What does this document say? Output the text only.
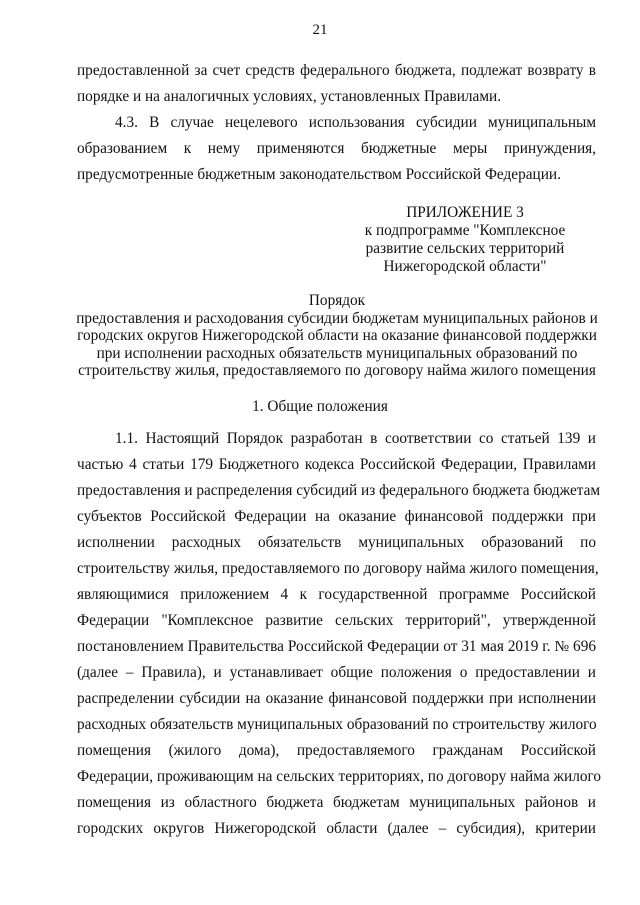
21
предоставленной за счет средств федерального бюджета, подлежат возврату в
порядке и на аналогичных условиях, установленных Правилами.
4.3. В случае нецелевого использования субсидии муниципальным
образованием к нему применяются бюджетные меры принуждения,
предусмотренные бюджетным законодательством Российской Федерации.
ПРИЛОЖЕНИЕ 3
к подпрограмме "Комплексное
развитие сельских территорий
Нижегородской области"
Порядок
предоставления и расходования субсидии бюджетам муниципальных районов и
городских округов Нижегородской области на оказание финансовой поддержки
при исполнении расходных обязательств муниципальных образований по
строительству жилья, предоставляемого по договору найма жилого помещения
1. Общие положения
1.1. Настоящий Порядок разработан в соответствии со статьей 139 и
частью 4 статьи 179 Бюджетного кодекса Российской Федерации, Правилами
предоставления и распределения субсидий из федерального бюджета бюджетам
субъектов Российской Федерации на оказание финансовой поддержки при
исполнении расходных обязательств муниципальных образований по
строительству жилья, предоставляемого по договору найма жилого помещения,
являющимися приложением 4 к государственной программе Российской
Федерации "Комплексное развитие сельских территорий", утвержденной
постановлением Правительства Российской Федерации от 31 мая 2019 г. № 696
(далее – Правила), и устанавливает общие положения о предоставлении и
распределении субсидии на оказание финансовой поддержки при исполнении
расходных обязательств муниципальных образований по строительству жилого
помещения (жилого дома), предоставляемого гражданам Российской
Федерации, проживающим на сельских территориях, по договору найма жилого
помещения из областного бюджета бюджетам муниципальных районов и
городских округов Нижегородской области (далее – субсидия), критерии
